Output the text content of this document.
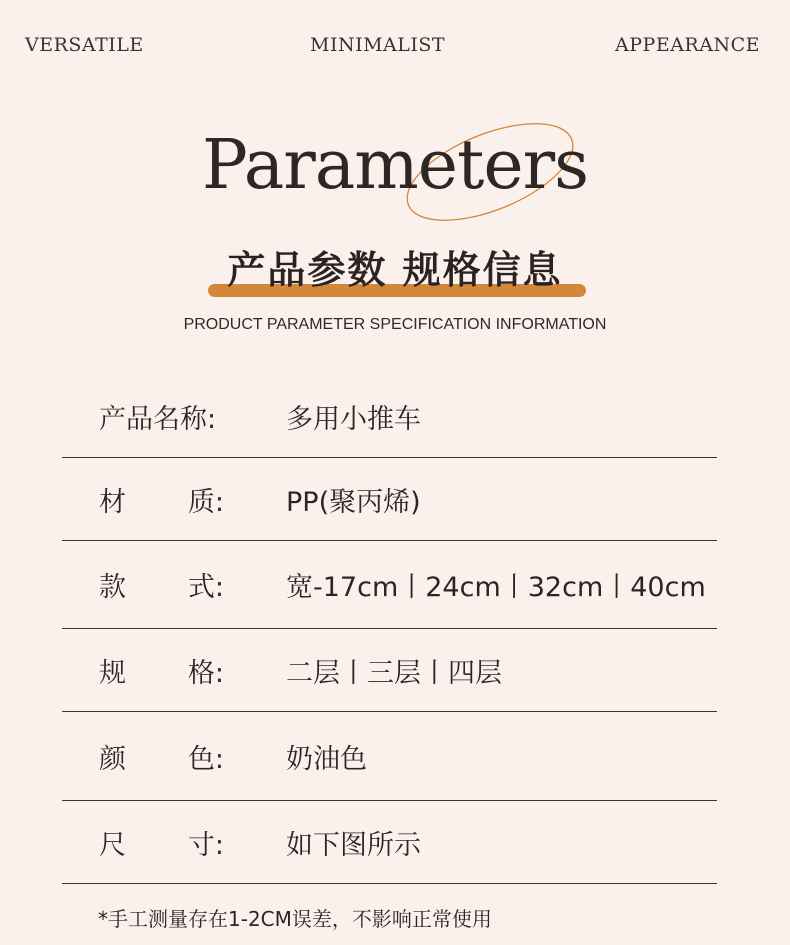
VERSATILE	MINIMALIST	APPEARANCE
Parameters
产品参数 规格信息
PRODUCT PARAMETER SPECIFICATION INFORMATION
产品名称:	多用小推车
材 质: PP(聚丙烯)
款 式: 宽-17cm丨24cm丨32cm丨40cm
规 格: 二层丨三层丨四层
颜 色: 奶油色
尺 寸: 如下图所示
*手工测量存在1-2CM误差，不影响正常使用
